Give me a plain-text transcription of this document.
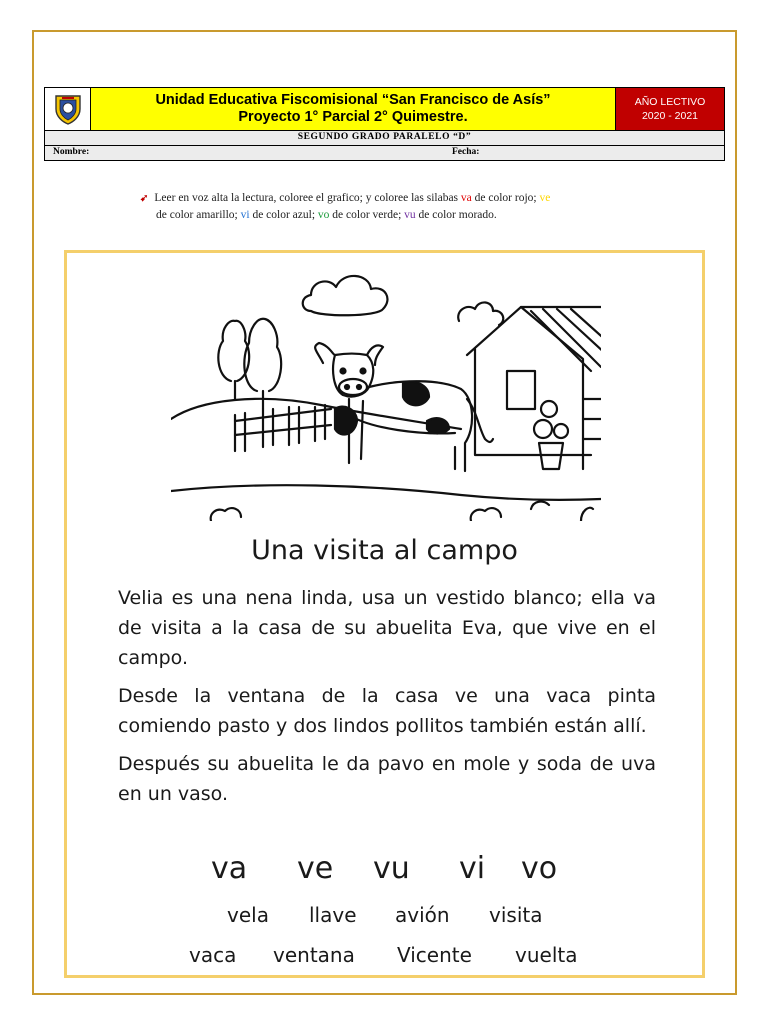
Unidad Educativa Fiscomisional “San Francisco de Asís”
Proyecto 1° Parcial 2° Quimestre.
AÑO LECTIVO
2020 - 2021
SEGUNDO GRADO PARALELO “D”
Nombre:	Fecha:
➹ Leer en voz alta la lectura, coloree el grafico; y coloree las silabas va de color rojo; ve
de color amarillo; vi de color azul; vo de color verde; vu de color morado.
Una visita al campo

Velia es una nena linda, usa un vestido blanco; ella va de visita a la casa de su abuelita Eva, que vive en el campo.

Desde la ventana de la casa ve una vaca pinta comiendo pasto y dos lindos pollitos también están allí.

Después su abuelita le da pavo en mole y soda de uva en un vaso.

va ve vu vi vo
vela llave avión visita
vaca ventana Vicente vuelta
